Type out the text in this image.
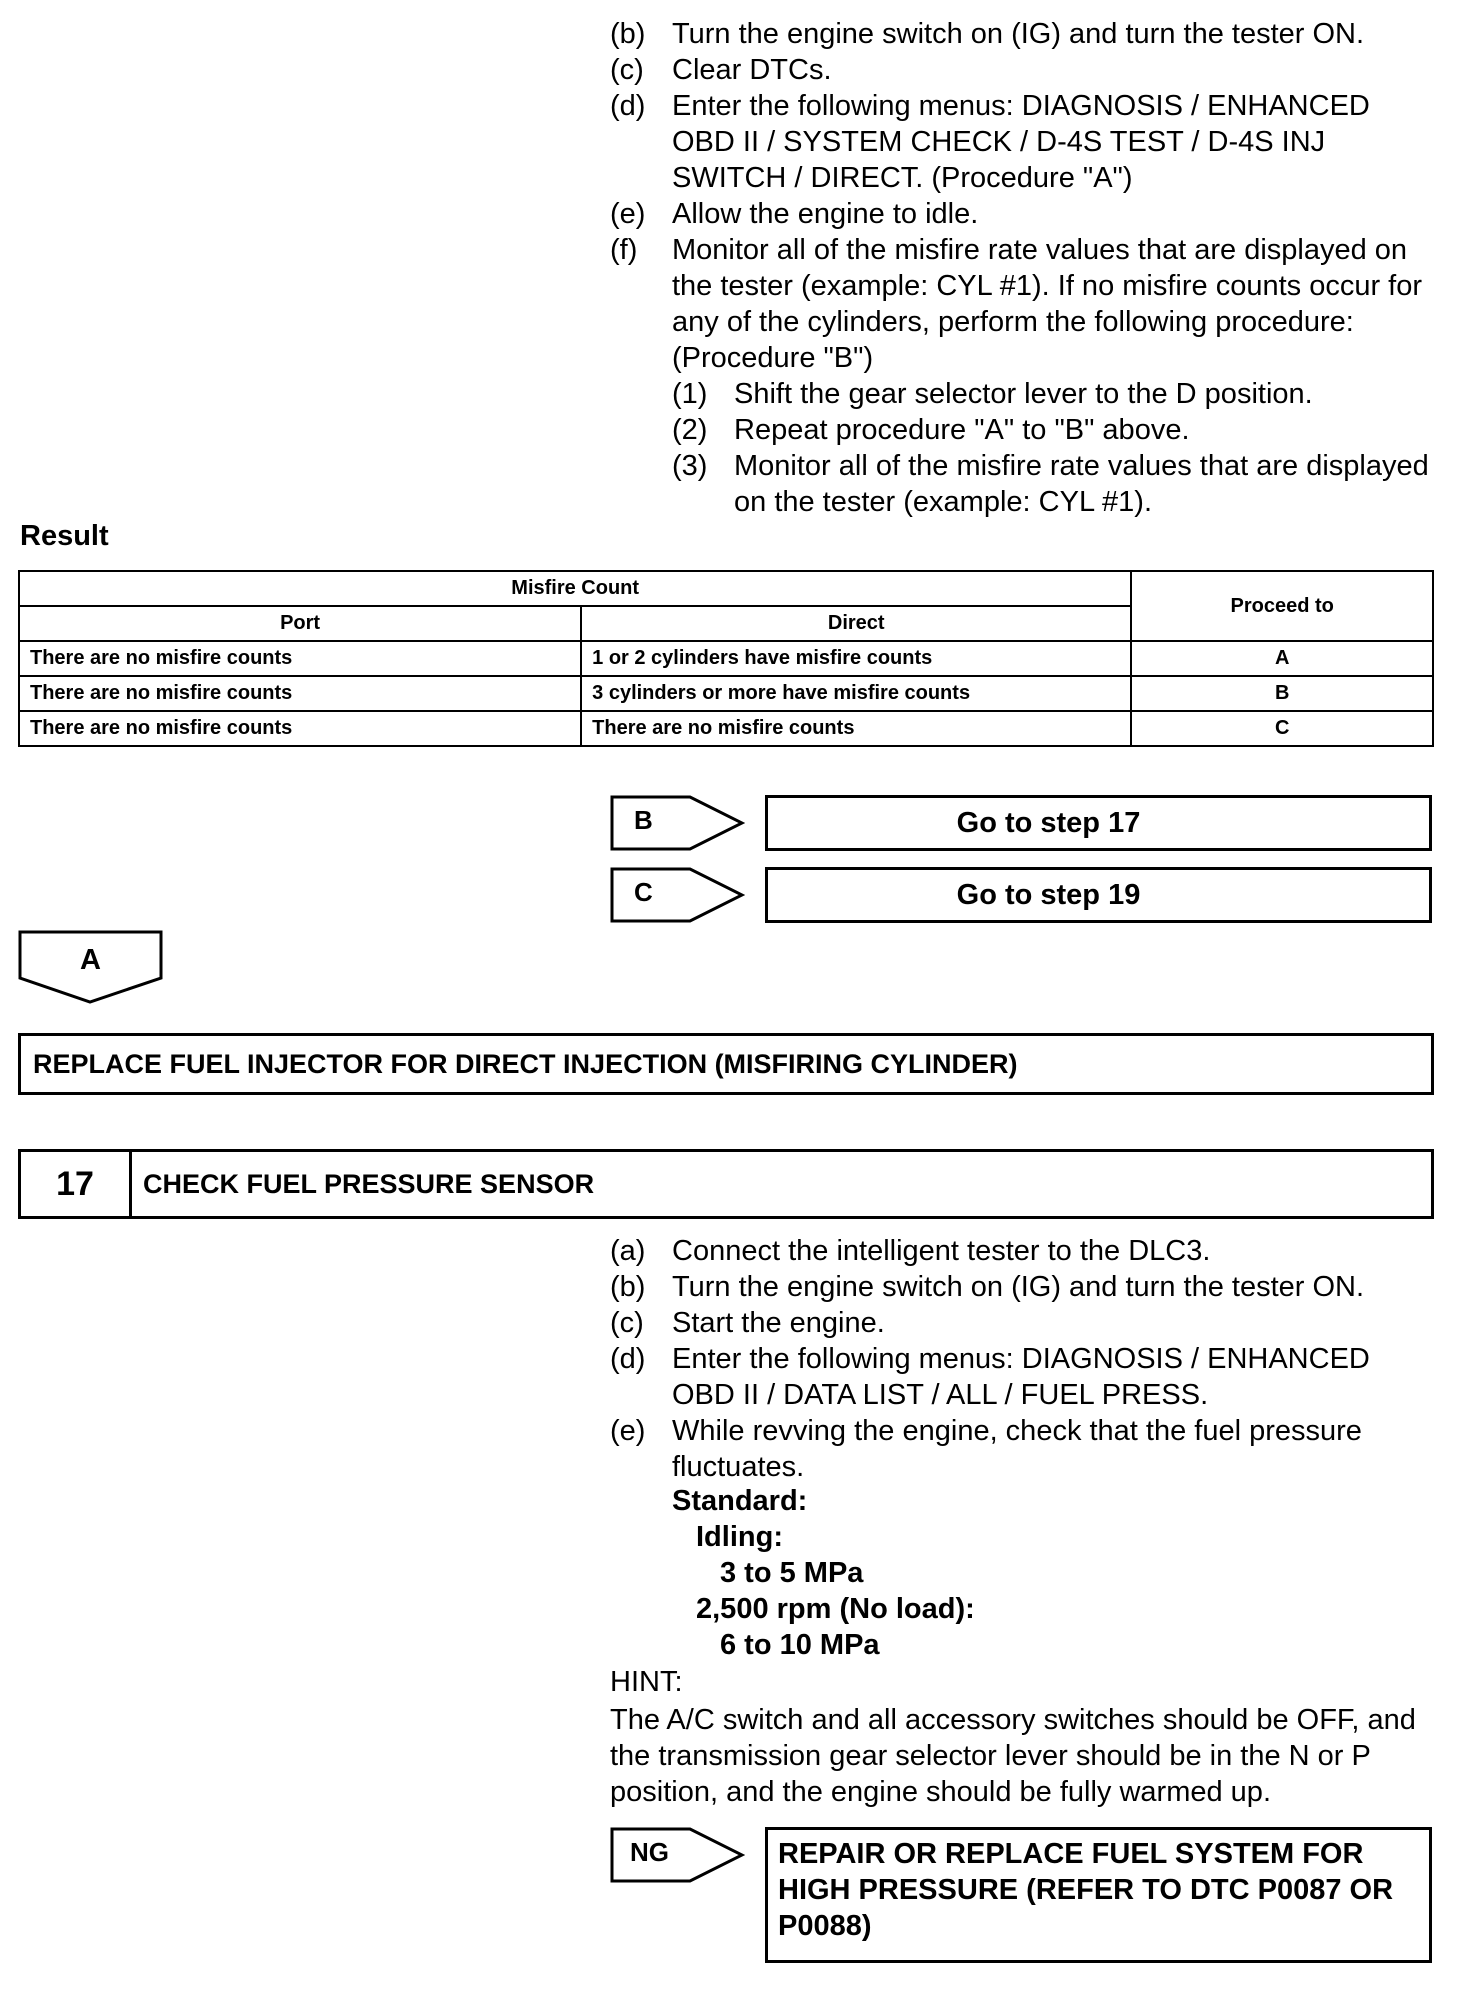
(b) Turn the engine switch on (IG) and turn the tester ON.
(c) Clear DTCs.
(d) Enter the following menus: DIAGNOSIS / ENHANCED OBD II / SYSTEM CHECK / D-4S TEST / D-4S INJ SWITCH / DIRECT. (Procedure "A")
(e) Allow the engine to idle.
(f)	Monitor all of the misfire rate values that are displayed on the tester (example: CYL #1). If no misfire counts occur for any of the cylinders, perform the following procedure: (Procedure "B")
(1) Shift the gear selector lever to the D position.
(2) Repeat procedure "A" to "B" above.
(3) Monitor all of the misfire rate values that are displayed on the tester (example: CYL #1).
Result
Misfire Count		Proceed to
Port	Direct	
There are no misfire counts	1 or 2 cylinders have misfire counts	A
There are no misfire counts	3 cylinders or more have misfire counts	B
There are no misfire counts	There are no misfire counts	C
B	Go to step 17
C	Go to step 19
A
REPLACE FUEL INJECTOR FOR DIRECT INJECTION (MISFIRING CYLINDER)
17	CHECK FUEL PRESSURE SENSOR
(a) Connect the intelligent tester to the DLC3.
(b) Turn the engine switch on (IG) and turn the tester ON.
(c) Start the engine.
(d) Enter the following menus: DIAGNOSIS / ENHANCED OBD II / DATA LIST / ALL / FUEL PRESS.
(e) While revving the engine, check that the fuel pressure fluctuates.
Standard:
Idling:
3 to 5 MPa
2,500 rpm (No load):
6 to 10 MPa
HINT:
The A/C switch and all accessory switches should be OFF, and the transmission gear selector lever should be in the N or P position, and the engine should be fully warmed up.
NG	REPAIR OR REPLACE FUEL SYSTEM FOR HIGH PRESSURE (REFER TO DTC P0087 OR P0088)
